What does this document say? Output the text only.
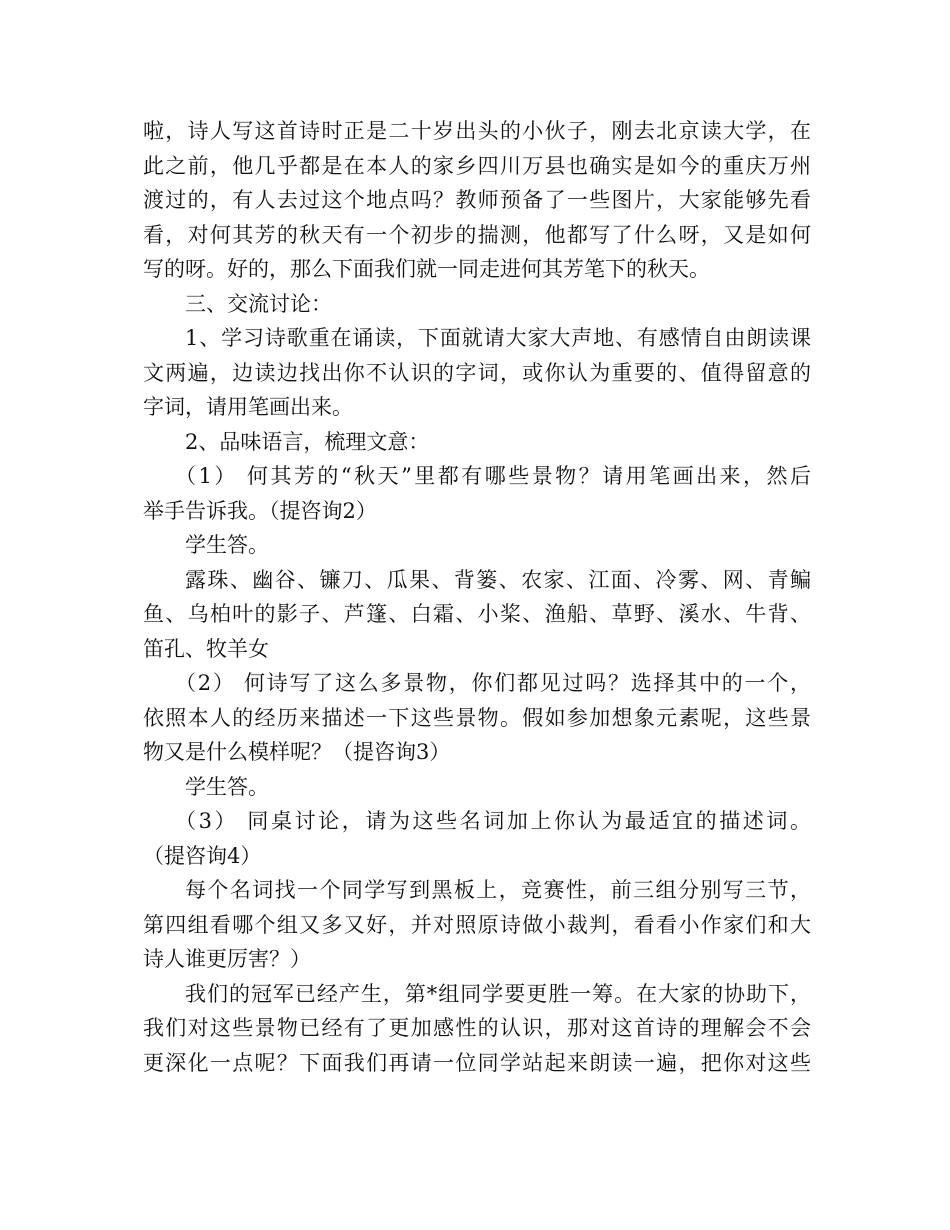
啦，诗人写这首诗时正是二十岁出头的小伙子，刚去北京读大学，在
此之前，他几乎都是在本人的家乡四川万县也确实是如今的重庆万州
渡过的，有人去过这个地点吗？教师预备了一些图片，大家能够先看
看，对何其芳的秋天有一个初步的揣测，他都写了什么呀，又是如何
写的呀。好的，那么下面我们就一同走进何其芳笔下的秋天。
三、交流讨论：
1、学习诗歌重在诵读，下面就请大家大声地、有感情自由朗读课
文两遍，边读边找出你不认识的字词，或你认为重要的、值得留意的
字词，请用笔画出来。
2、品味语言，梳理文意：
（1） 何其芳的“秋天”里都有哪些景物？请用笔画出来，然后
举手告诉我。（提咨询2）
学生答。
露珠、幽谷、镰刀、瓜果、背篓、农家、江面、冷雾、网、青鳊
鱼、乌柏叶的影子、芦篷、白霜、小桨、渔船、草野、溪水、牛背、
笛孔、牧羊女
（2） 何诗写了这么多景物，你们都见过吗？选择其中的一个，
依照本人的经历来描述一下这些景物。假如参加想象元素呢，这些景
物又是什么模样呢？（提咨询3）
学生答。
（3） 同桌讨论，请为这些名词加上你认为最适宜的描述词。
（提咨询4）
每个名词找一个同学写到黑板上，竞赛性，前三组分别写三节，
第四组看哪个组又多又好，并对照原诗做小裁判，看看小作家们和大
诗人谁更厉害？）
我们的冠军已经产生，第*组同学要更胜一筹。在大家的协助下，
我们对这些景物已经有了更加感性的认识，那对这首诗的理解会不会
更深化一点呢？下面我们再请一位同学站起来朗读一遍，把你对这些
